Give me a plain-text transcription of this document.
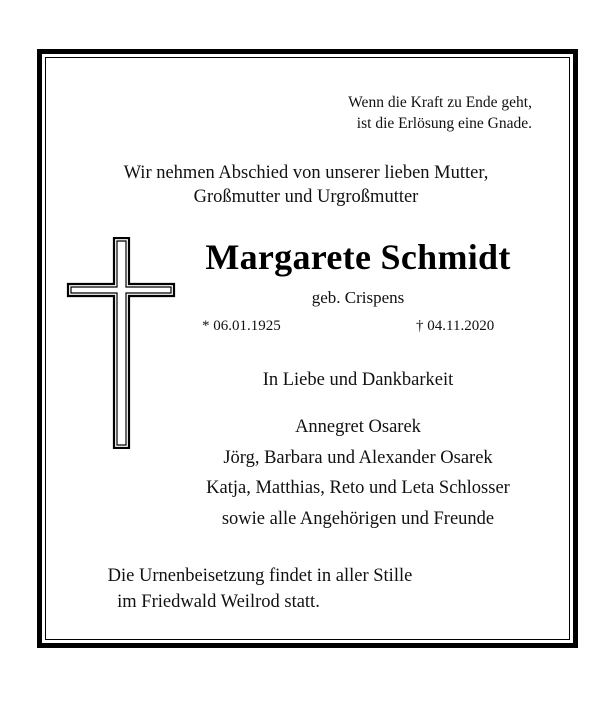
Wenn die Kraft zu Ende geht,
ist die Erlösung eine Gnade.
Wir nehmen Abschied von unserer lieben Mutter,
Großmutter und Urgroßmutter
Margarete Schmidt
geb. Crispens
* 06.01.1925	† 04.11.2020
In Liebe und Dankbarkeit
Annegret Osarek
Jörg, Barbara und Alexander Osarek
Katja, Matthias, Reto und Leta Schlosser
sowie alle Angehörigen und Freunde
Die Urnenbeisetzung findet in aller Stille
im Friedwald Weilrod statt.
